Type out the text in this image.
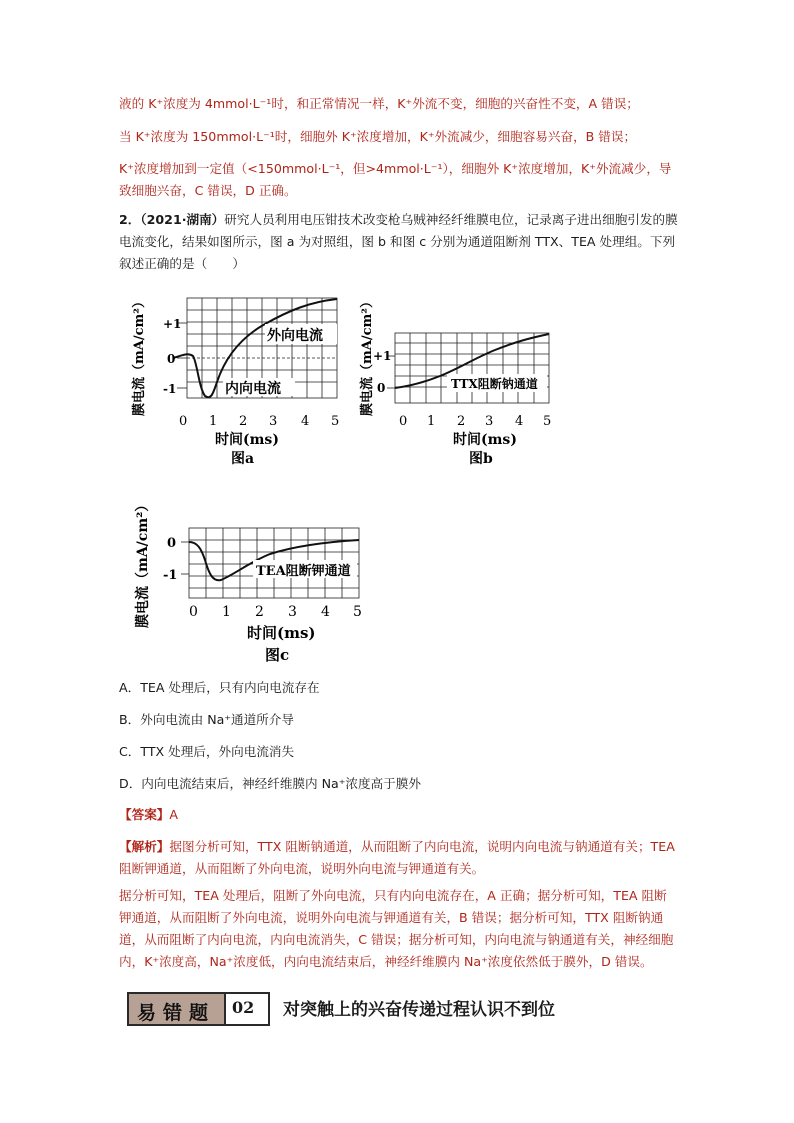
液的 K⁺浓度为 4mmol·L⁻¹时，和正常情况一样，K⁺外流不变，细胞的兴奋性不变，A 错误；

当 K⁺浓度为 150mmol·L⁻¹时，细胞外 K⁺浓度增加，K⁺外流减少，细胞容易兴奋，B 错误；

K⁺浓度增加到一定值（<150mmol·L⁻¹，但>4mmol·L⁻¹），细胞外 K⁺浓度增加，K⁺外流减少，导致细胞兴奋，C 错误，D 正确。

2．（2021·湖南）研究人员利用电压钳技术改变枪乌贼神经纤维膜电位，记录离子进出细胞引发的膜电流变化，结果如图所示，图 a 为对照组，图 b 和图 c 分别为通道阻断剂 TTX、TEA 处理组。下列叙述正确的是（　　）

外向电流
内向电流
+1
0
-1
0 1 2 3 4 5
时间(ms)
图a
膜电流（mA/cm²）	TTX阻断钠通道
+1
0
0 1 2 3 4 5
时间(ms)
图b
膜电流（mA/cm²）
TEA阻断钾通道
0
-1
0 1 2 3 4 5
时间(ms)
图c
膜电流（mA/cm²）

A．TEA 处理后，只有内向电流存在

B．外向电流由 Na⁺通道所介导

C．TTX 处理后，外向电流消失

D．内向电流结束后，神经纤维膜内 Na⁺浓度高于膜外

【答案】A

【解析】据图分析可知，TTX 阻断钠通道，从而阻断了内向电流，说明内向电流与钠通道有关；TEA 阻断钾通道，从而阻断了外向电流，说明外向电流与钾通道有关。

据分析可知，TEA 处理后，阻断了外向电流，只有内向电流存在，A 正确；据分析可知，TEA 阻断钾通道，从而阻断了外向电流，说明外向电流与钾通道有关，B 错误；据分析可知，TTX 阻断钠通道，从而阻断了内向电流，内向电流消失，C 错误；据分析可知，内向电流与钠通道有关，神经细胞内，K⁺浓度高，Na⁺浓度低，内向电流结束后，神经纤维膜内 Na⁺浓度依然低于膜外，D 错误。

易错题 02 对突触上的兴奋传递过程认识不到位
